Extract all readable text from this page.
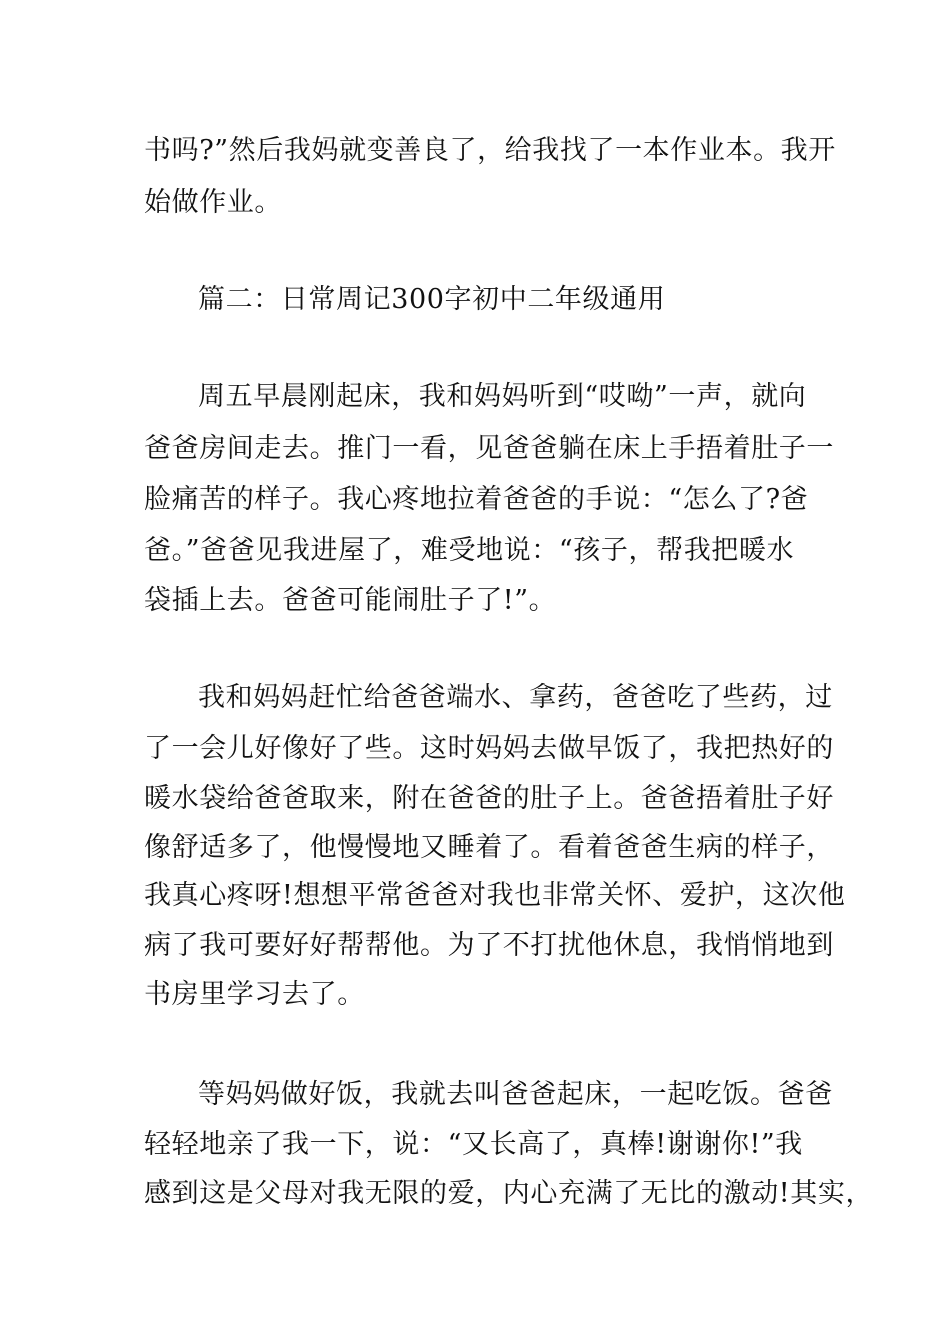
书吗?”然后我妈就变善良了，给我找了一本作业本。我开
始做作业。
篇二：日常周记300字初中二年级通用
周五早晨刚起床，我和妈妈听到“哎呦”一声，就向
爸爸房间走去。推门一看，见爸爸躺在床上手捂着肚子一
脸痛苦的样子。我心疼地拉着爸爸的手说：“怎么了?爸
爸。”爸爸见我进屋了，难受地说：“孩子，帮我把暖水
袋插上去。爸爸可能闹肚子了!”。
我和妈妈赶忙给爸爸端水、拿药，爸爸吃了些药，过
了一会儿好像好了些。这时妈妈去做早饭了，我把热好的
暖水袋给爸爸取来，附在爸爸的肚子上。爸爸捂着肚子好
像舒适多了，他慢慢地又睡着了。看着爸爸生病的样子，
我真心疼呀!想想平常爸爸对我也非常关怀、爱护，这次他
病了我可要好好帮帮他。为了不打扰他休息，我悄悄地到
书房里学习去了。
等妈妈做好饭，我就去叫爸爸起床，一起吃饭。爸爸
轻轻地亲了我一下，说：“又长高了，真棒!谢谢你!”我
感到这是父母对我无限的爱，内心充满了无比的激动!其实，
